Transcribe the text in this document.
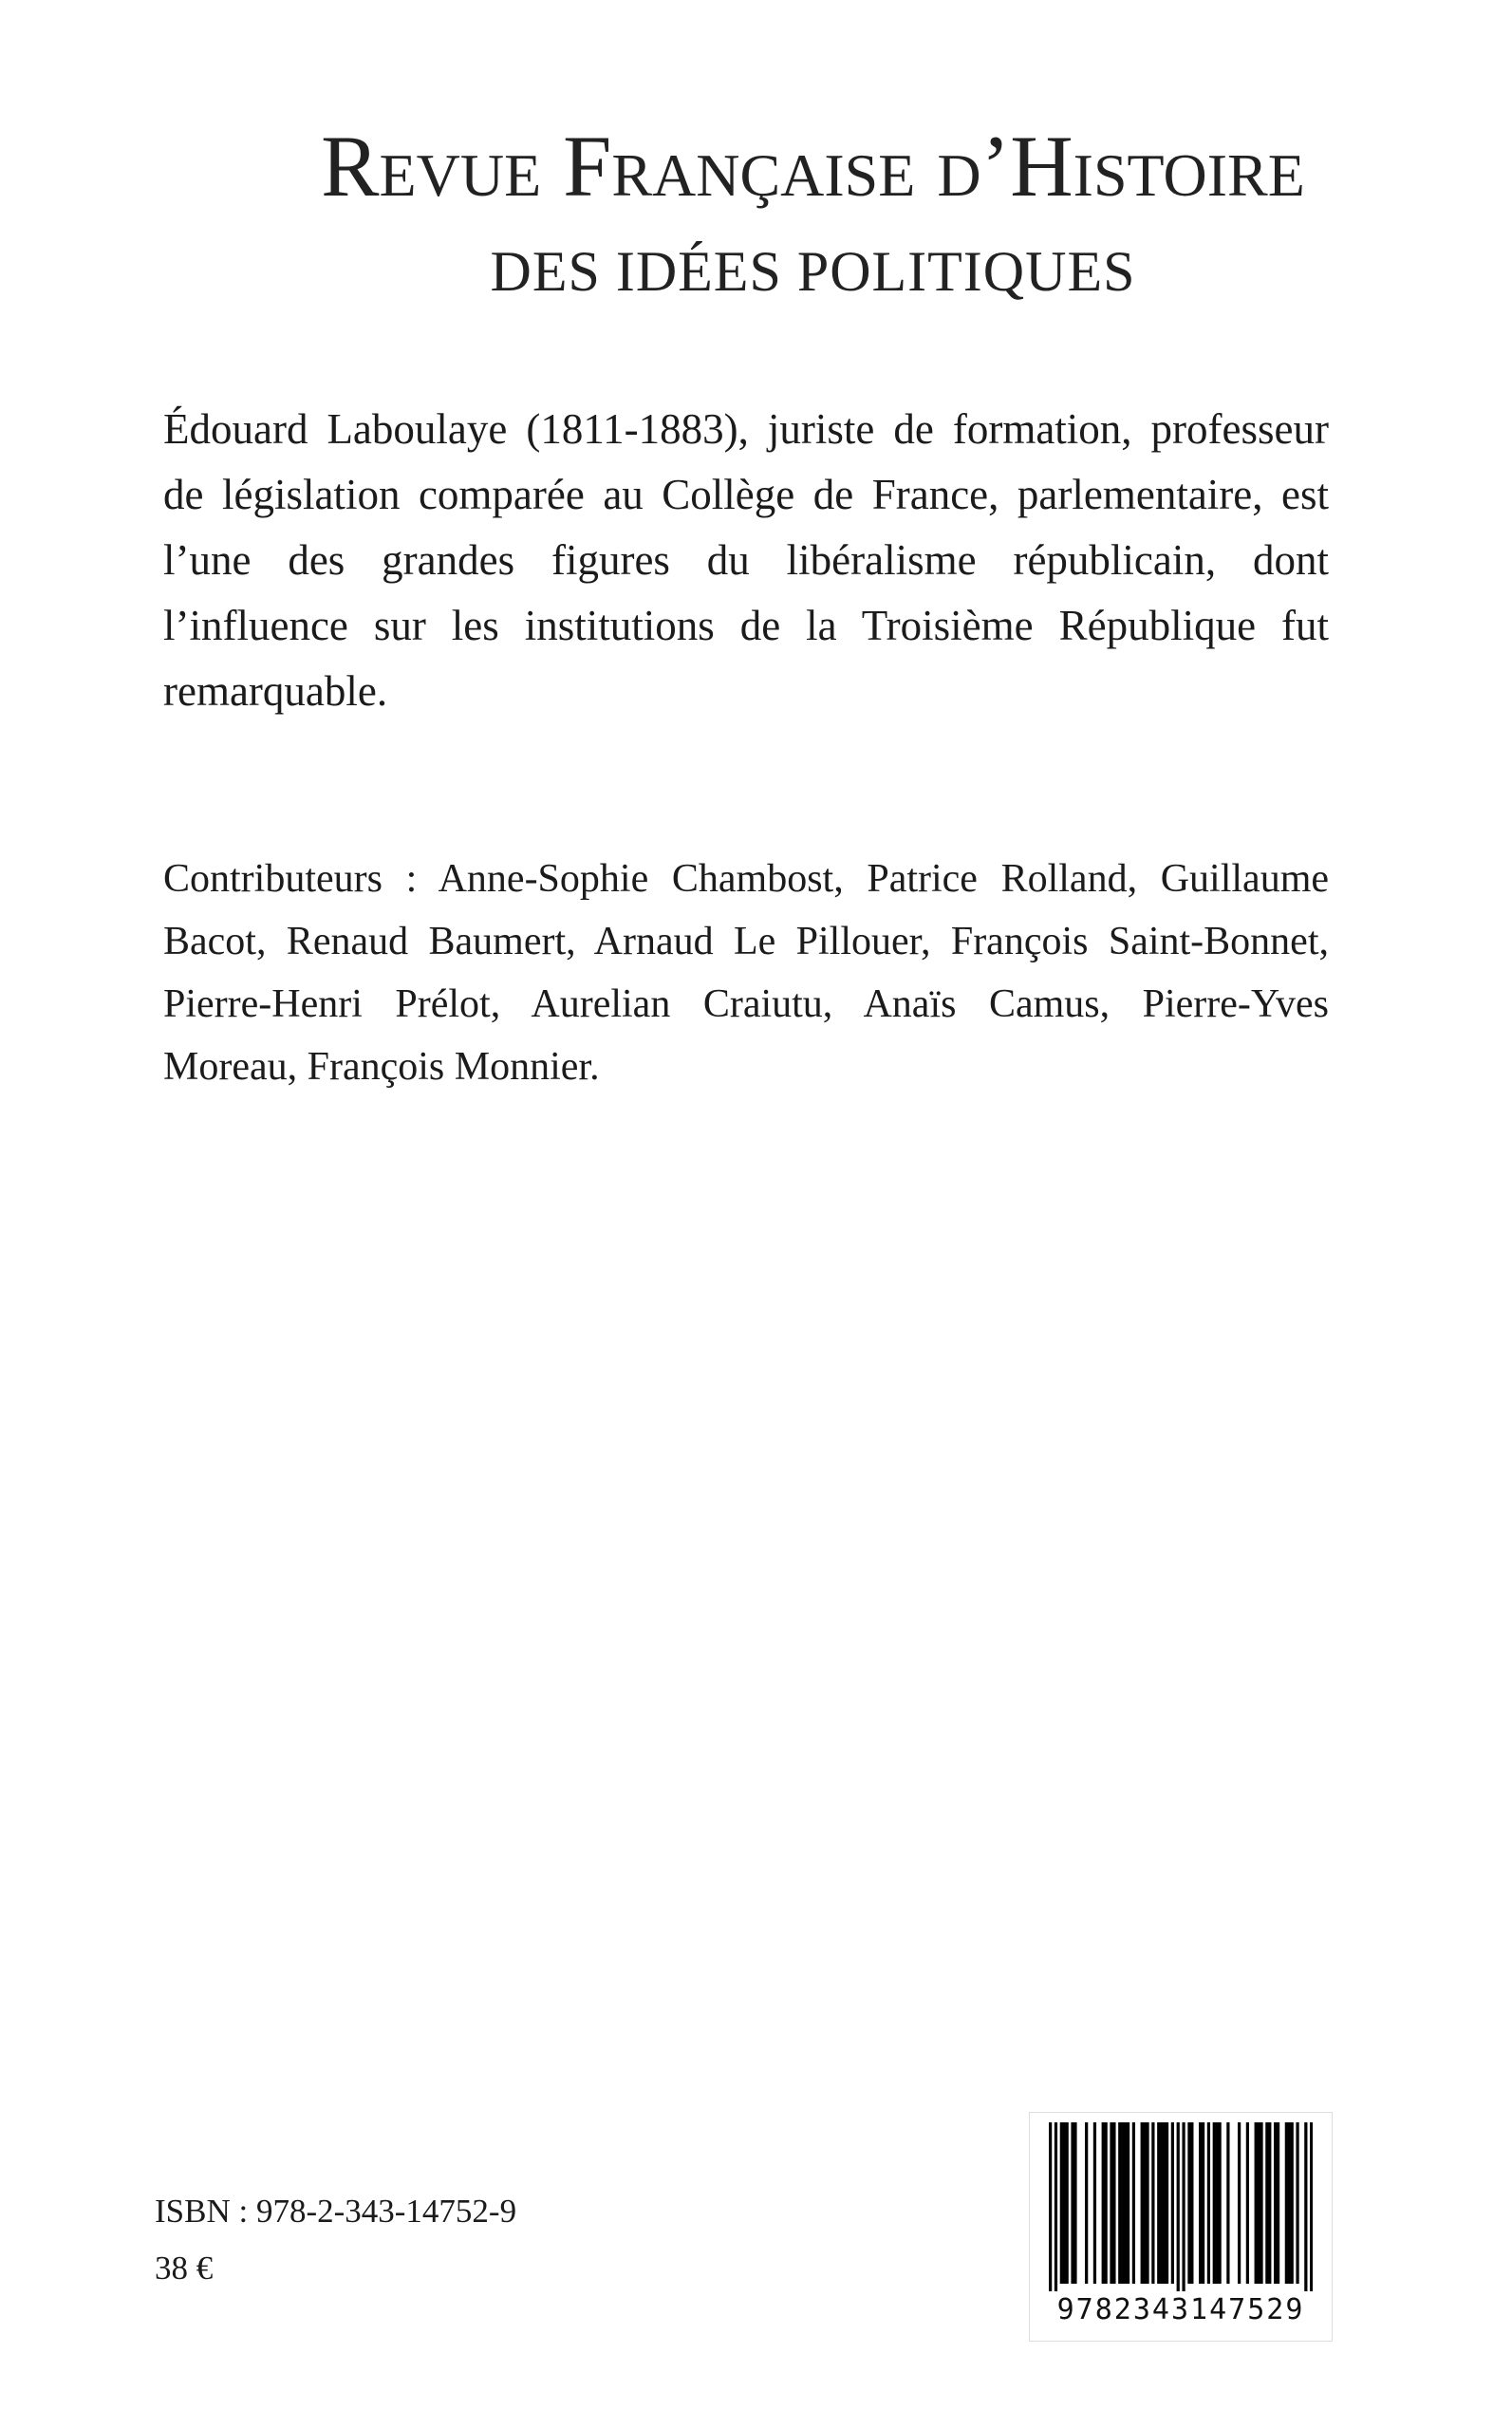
Revue Française d’Histoire
DES IDÉES POLITIQUES

Édouard Laboulaye (1811-1883), juriste de formation, professeur de législation comparée au Collège de France, parlementaire, est l’une des grandes figures du libéralisme républicain, dont l’influence sur les institutions de la Troisième République fut remarquable.

Contributeurs : Anne-Sophie Chambost, Patrice Rolland, Guillaume Bacot, Renaud Baumert, Arnaud Le Pillouer, François Saint-Bonnet, Pierre-Henri Prélot, Aurelian Craiutu, Anaïs Camus, Pierre-Yves Moreau, François Monnier.

ISBN : 978-2-343-14752-9
38 €
9782343147529
